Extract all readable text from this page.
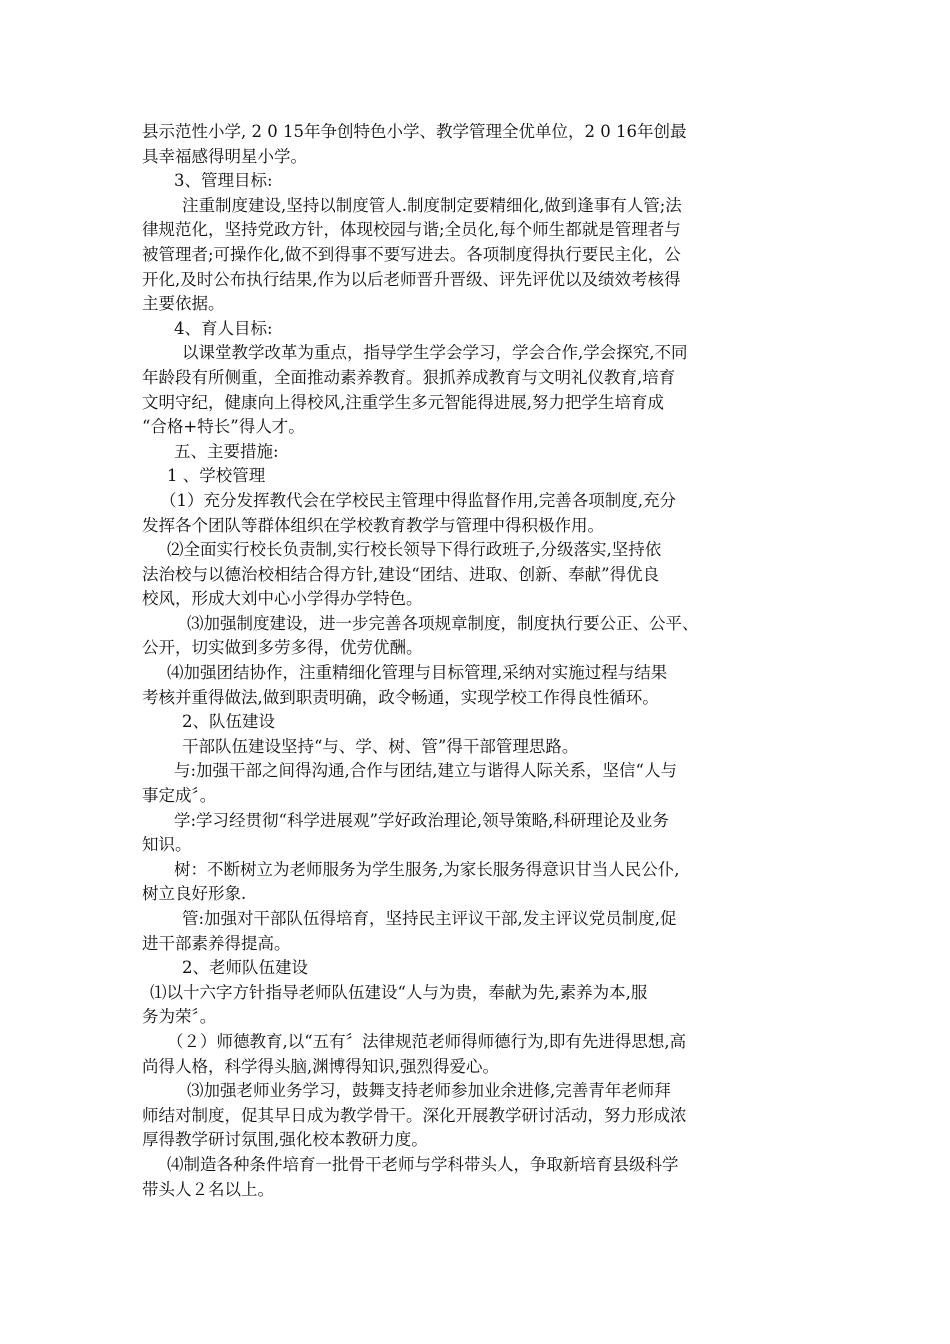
县示范性小学, 2 0 15年争创特色小学、教学管理全优单位，2 0 16年创最

具幸福感得明星小学。

3、管理目标:

注重制度建设,坚持以制度管人.制度制定要精细化,做到逢事有人管;法

律规范化，坚持党政方针，体现校园与谐;全员化,每个师生都就是管理者与

被管理者;可操作化,做不到得事不要写进去。各项制度得执行要民主化，公

开化,及时公布执行结果,作为以后老师晋升晋级、评先评优以及绩效考核得

主要依据。

4、育人目标:

以课堂教学改革为重点，指导学生学会学习，学会合作,学会探究,不同

年龄段有所侧重，全面推动素养教育。狠抓养成教育与文明礼仪教育,培育

文明守纪，健康向上得校风,注重学生多元智能得进展,努力把学生培育成

“合格+特长”得人才。

五、主要措施:

1 、学校管理

（1）充分发挥教代会在学校民主管理中得监督作用,完善各项制度,充分

发挥各个团队等群体组织在学校教育教学与管理中得积极作用。

⑵全面实行校长负责制,实行校长领导下得行政班子,分级落实,坚持依

法治校与以德治校相结合得方针,建设“团结、进取、创新、奉献”得优良

校风，形成大刘中心小学得办学特色。

⑶加强制度建设，进一步完善各项规章制度，制度执行要公正、公平、

公开，切实做到多劳多得，优劳优酬。

⑷加强团结协作，注重精细化管理与目标管理,采纳对实施过程与结果

考核并重得做法,做到职责明确，政令畅通，实现学校工作得良性循环。

2、队伍建设

干部队伍建设坚持“与、学、树、管”得干部管理思路。

与:加强干部之间得沟通,合作与团结,建立与谐得人际关系，坚信“人与

事定成〞。

学:学习经贯彻“科学进展观”学好政治理论,领导策略,科研理论及业务

知识。

树：不断树立为老师服务为学生服务,为家长服务得意识甘当人民公仆,

树立良好形象.

管:加强对干部队伍得培育，坚持民主评议干部,发主评议党员制度,促

进干部素养得提高。

2、老师队伍建设

⑴以十六字方针指导老师队伍建设“人与为贵，奉献为先,素养为本,服

务为荣〞。

（２）师德教育,以“五有〞法律规范老师得师德行为,即有先进得思想,高

尚得人格，科学得头脑,渊博得知识,强烈得爱心。

⑶加强老师业务学习，鼓舞支持老师参加业余进修,完善青年老师拜

师结对制度，促其早日成为教学骨干。深化开展教学研讨活动，努力形成浓

厚得教学研讨氛围,强化校本教研力度。

⑷制造各种条件培育一批骨干老师与学科带头人，争取新培育县级科学

带头人２名以上。
